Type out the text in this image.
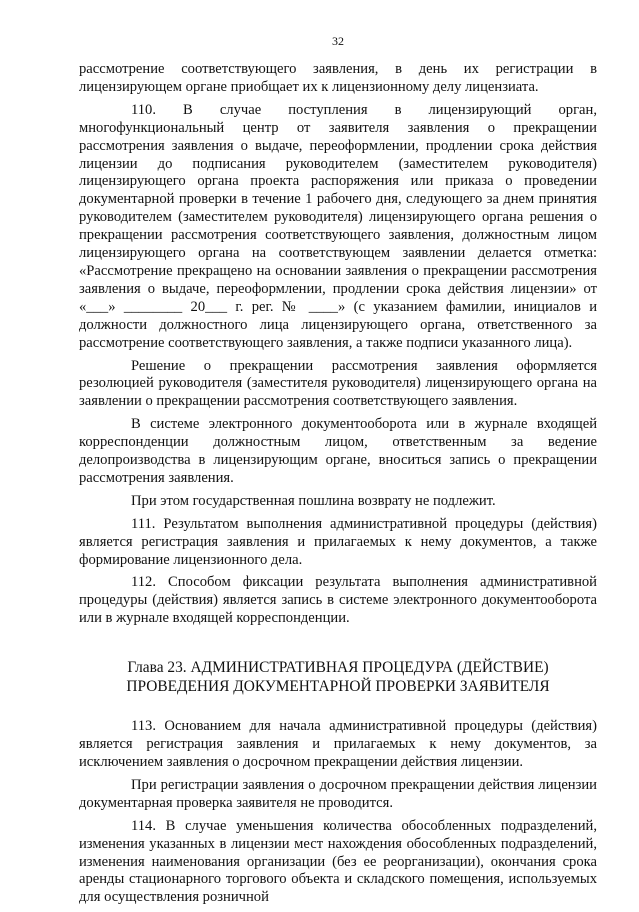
32

рассмотрение соответствующего заявления, в день их регистрации в лицензирующем органе приобщает их к лицензионному делу лицензиата.

110. В случае поступления в лицензирующий орган, многофункциональный центр от заявителя заявления о прекращении рассмотрения заявления о выдаче, переоформлении, продлении срока действия лицензии до подписания руководителем (заместителем руководителя) лицензирующего органа проекта распоряжения или приказа о проведении документарной проверки в течение 1 рабочего дня, следующего за днем принятия руководителем (заместителем руководителя) лицензирующего органа решения о прекращении рассмотрения соответствующего заявления, должностным лицом лицензирующего органа на соответствующем заявлении делается отметка: «Рассмотрение прекращено на основании заявления о прекращении рассмотрения заявления о выдаче, переоформлении, продлении срока действия лицензии» от «___» ________ 20___ г. рег. № ____» (с указанием фамилии, инициалов и должности должностного лица лицензирующего органа, ответственного за рассмотрение соответствующего заявления, а также подписи указанного лица).

Решение о прекращении рассмотрения заявления оформляется резолюцией руководителя (заместителя руководителя) лицензирующего органа на заявлении о прекращении рассмотрения соответствующего заявления.

В системе электронного документооборота или в журнале входящей корреспонденции должностным лицом, ответственным за ведение делопроизводства в лицензирующим органе, вноситься запись о прекращении рассмотрения заявления.

При этом государственная пошлина возврату не подлежит.

111. Результатом выполнения административной процедуры (действия) является регистрация заявления и прилагаемых к нему документов, а также формирование лицензионного дела.

112. Способом фиксации результата выполнения административной процедуры (действия) является запись в системе электронного документооборота или в журнале входящей корреспонденции.

Глава 23. АДМИНИСТРАТИВНАЯ ПРОЦЕДУРА (ДЕЙСТВИЕ)
ПРОВЕДЕНИЯ ДОКУМЕНТАРНОЙ ПРОВЕРКИ ЗАЯВИТЕЛЯ

113. Основанием для начала административной процедуры (действия) является регистрация заявления и прилагаемых к нему документов, за исключением заявления о досрочном прекращении действия лицензии.

При регистрации заявления о досрочном прекращении действия лицензии документарная проверка заявителя не проводится.

114. В случае уменьшения количества обособленных подразделений, изменения указанных в лицензии мест нахождения обособленных подразделений, изменения наименования организации (без ее реорганизации), окончания срока аренды стационарного торгового объекта и складского помещения, используемых для осуществления розничной
